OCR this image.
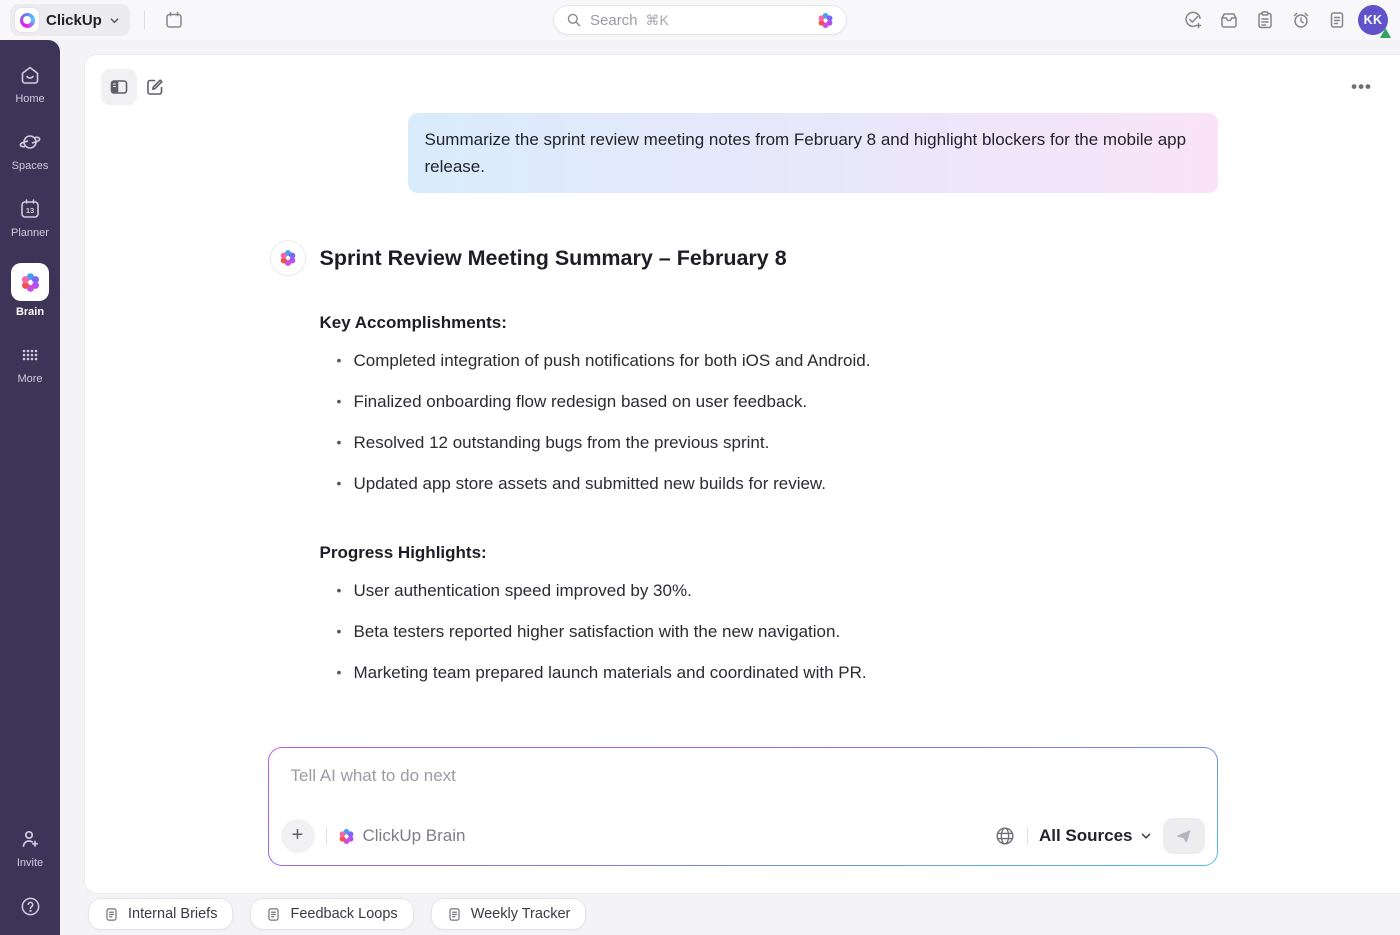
ClickUp	Search ⌘K	KK
Home
Spaces
13
Planner
Brain
More
Invite
•••
Summarize the sprint review meeting notes from February 8 and highlight blockers for the mobile app release.
Sprint Review Meeting Summary – February 8
Key Accomplishments:
• Completed integration of push notifications for both iOS and Android.
• Finalized onboarding flow redesign based on user feedback.
• Resolved 12 outstanding bugs from the previous sprint.
• Updated app store assets and submitted new builds for review.
Progress Highlights:
• User authentication speed improved by 30%.
• Beta testers reported higher satisfaction with the new navigation.
• Marketing team prepared launch materials and coordinated with PR.
Tell AI what to do next
+	ClickUp Brain	All Sources
Internal Briefs	Feedback Loops	Weekly Tracker
